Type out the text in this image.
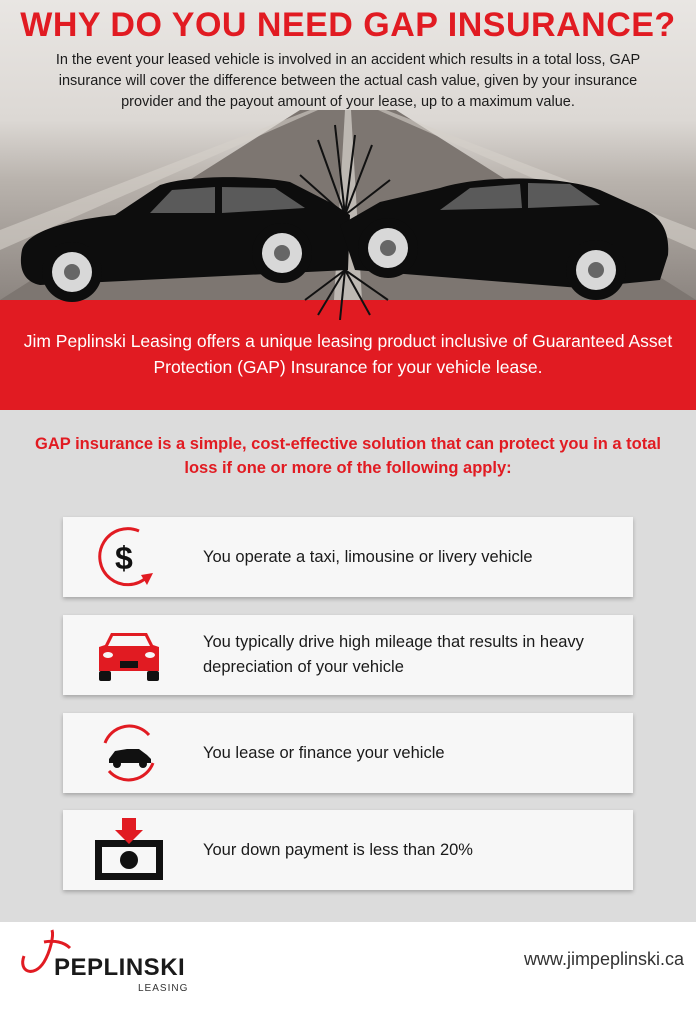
WHY DO YOU NEED GAP INSURANCE?
In the event your leased vehicle is involved in an accident which results in a total loss, GAP insurance will cover the difference between the actual cash value, given by your insurance provider and the payout amount of your lease, up to a maximum value.
Jim Peplinski Leasing offers a unique leasing product inclusive of Guaranteed Asset Protection (GAP) Insurance for your vehicle lease.
GAP insurance is a simple, cost-effective solution that can protect you in a total loss if one or more of the following apply:
$	You operate a taxi, limousine or livery vehicle
You typically drive high mileage that results in heavy depreciation of your vehicle
You lease or finance your vehicle
Your down payment is less than 20%
PEPLINSKI
LEASING
www.jimpeplinski.ca
